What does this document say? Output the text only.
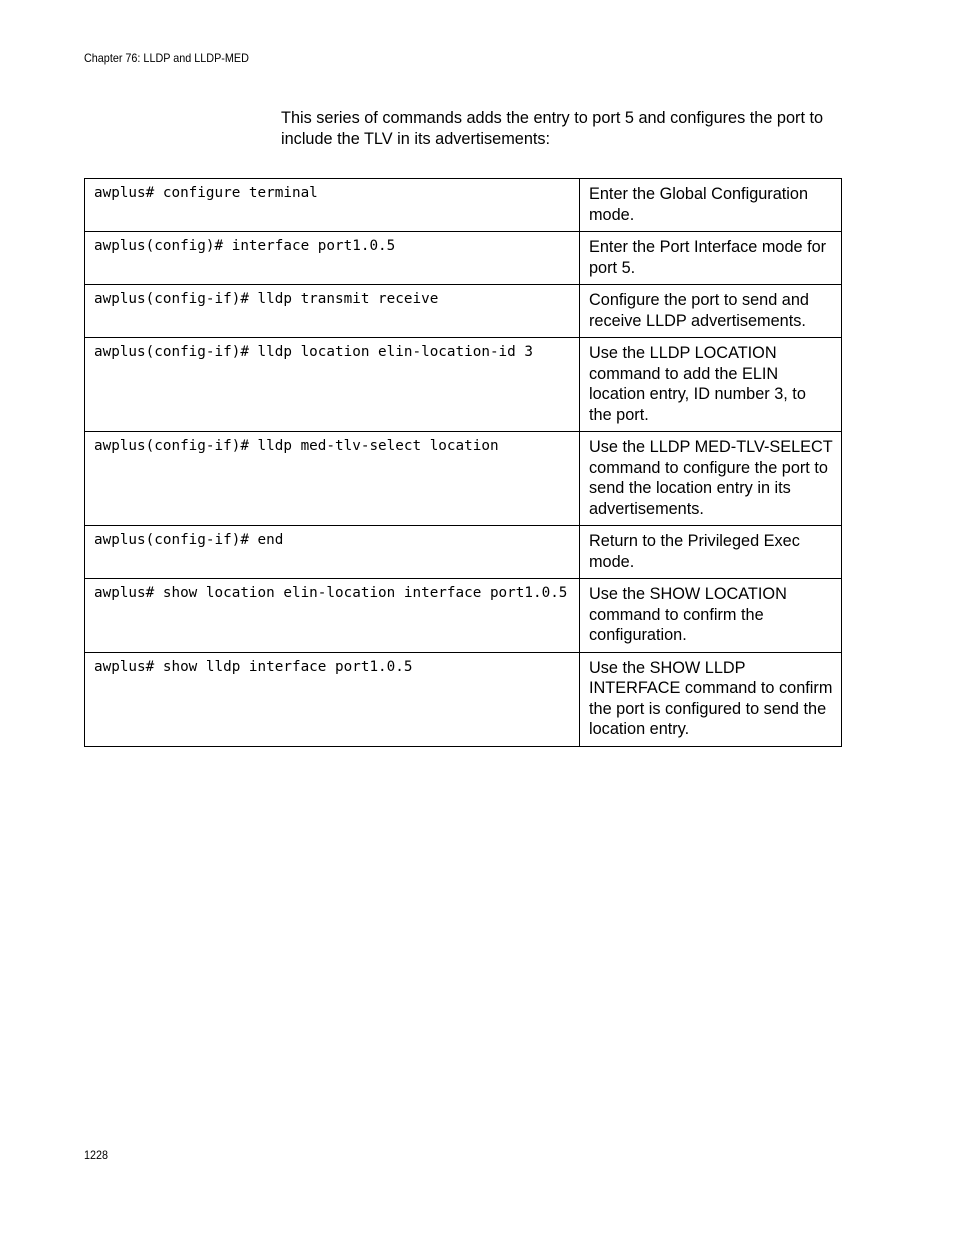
Chapter 76: LLDP and LLDP-MED

This series of commands adds the entry to port 5 and configures the port to include the TLV in its advertisements:

awplus# configure terminal	Enter the Global Configuration mode.
awplus(config)# interface port1.0.5	Enter the Port Interface mode for port 5.
awplus(config-if)# lldp transmit receive	Configure the port to send and receive LLDP advertisements.
awplus(config-if)# lldp location elin-location-id 3	Use the LLDP LOCATION command to add the ELIN location entry, ID number 3, to the port.
awplus(config-if)# lldp med-tlv-select location	Use the LLDP MED-TLV-SELECT command to configure the port to send the location entry in its advertisements.
awplus(config-if)# end	Return to the Privileged Exec mode.
awplus# show location elin-location interface port1.0.5	Use the SHOW LOCATION command to confirm the configuration.
awplus# show lldp interface port1.0.5	Use the SHOW LLDP INTERFACE command to confirm the port is configured to send the location entry.
1228
